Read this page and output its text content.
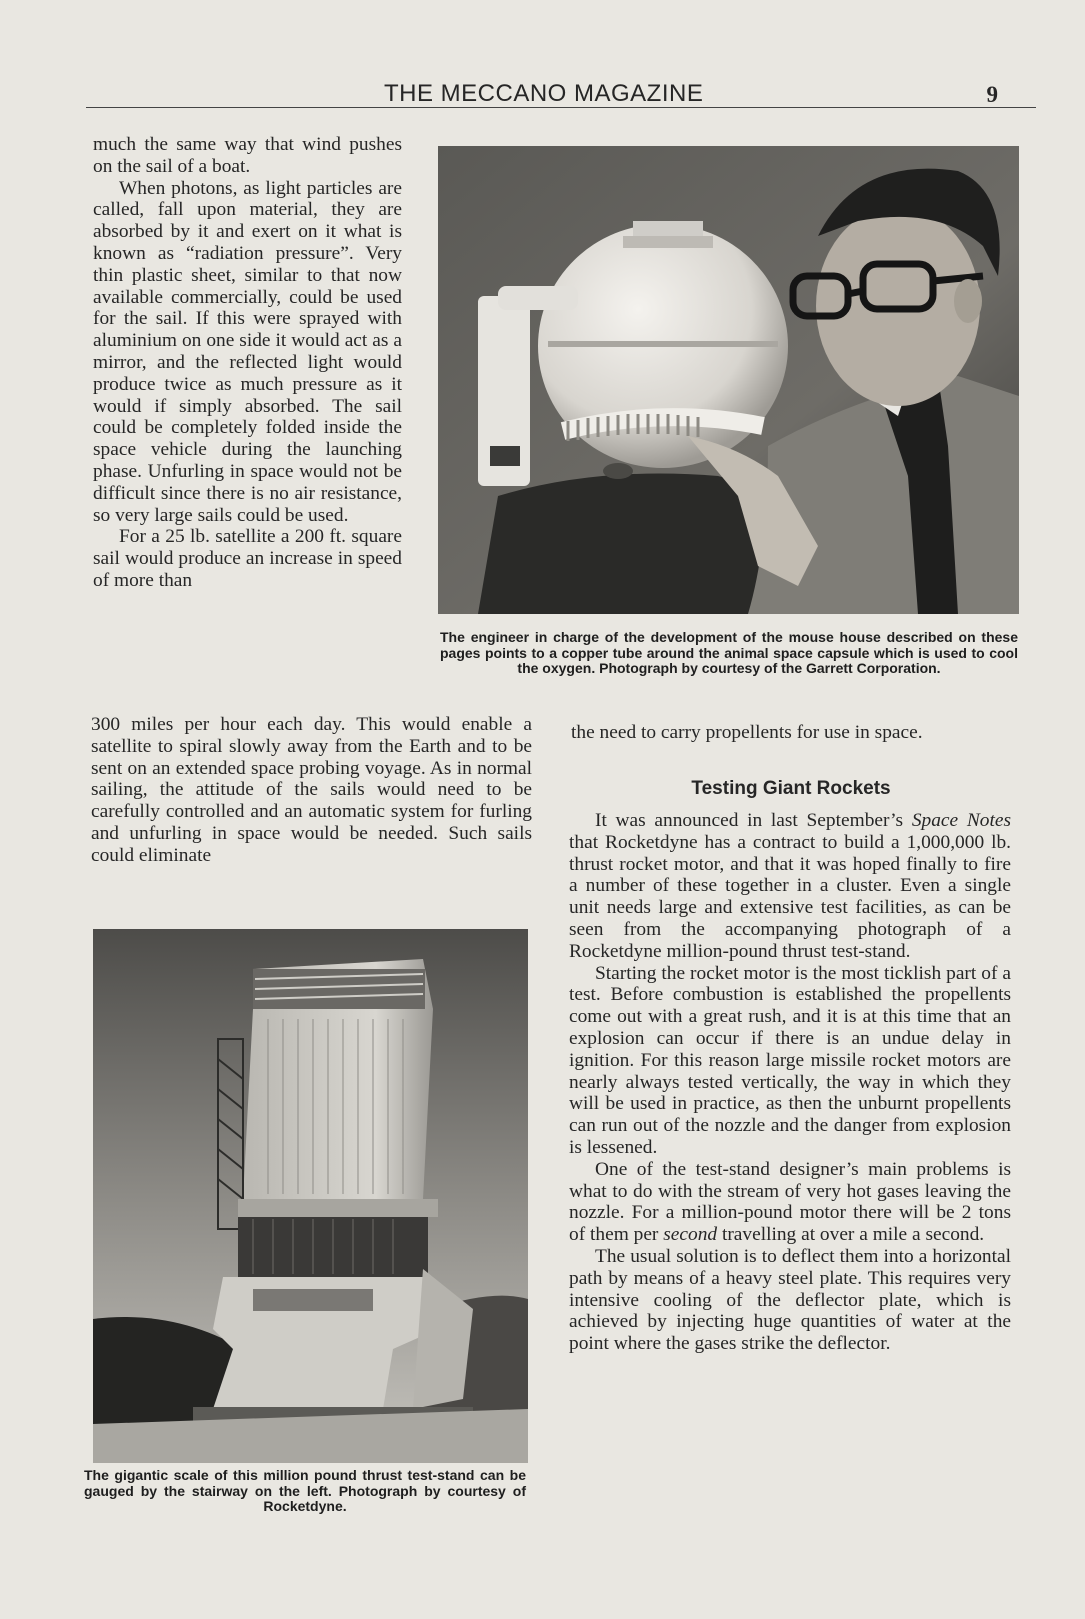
THE MECCANO MAGAZINE	9

much the same way that wind pushes on the sail of a boat.

When photons, as light particles are called, fall upon material, they are absorbed by it and exert on it what is known as “radiation pressure”. Very thin plastic sheet, similar to that now available commercially, could be used for the sail. If this were sprayed with aluminium on one side it would act as a mirror, and the reflected light would produce twice as much pressure as it would if simply absorbed. The sail could be completely folded inside the space vehicle during the launching phase. Unfurling in space would not be difficult since there is no air resistance, so very large sails could be used.

For a 25 lb. satellite a 200 ft. square sail would produce an increase in speed of more than

300 miles per hour each day. This would enable a satellite to spiral slowly away from the Earth and to be sent on an extended space probing voyage. As in normal sailing, the attitude of the sails would need to be carefully controlled and an automatic system for furling and unfurling in space would be needed. Such sails could eliminate

The engineer in charge of the development of the mouse house described on these pages points to a copper tube around the animal space capsule which is used to cool the oxygen. Photograph by courtesy of the Garrett Corporation.

the need to carry propellents for use in space.

Testing Giant Rockets

It was announced in last September’s Space Notes that Rocketdyne has a contract to build a 1,000,000 lb. thrust rocket motor, and that it was hoped finally to fire a number of these together in a cluster. Even a single unit needs large and extensive test facilities, as can be seen from the accompanying photograph of a Rocketdyne million-pound thrust test-stand.

Starting the rocket motor is the most ticklish part of a test. Before combustion is established the propellents come out with a great rush, and it is at this time that an explosion can occur if there is an undue delay in ignition. For this reason large missile rocket motors are nearly always tested vertically, the way in which they will be used in practice, as then the unburnt propellents can run out of the nozzle and the danger from explosion is lessened.

One of the test-stand designer’s main problems is what to do with the stream of very hot gases leaving the nozzle. For a million-pound motor there will be 2 tons of them per second travelling at over a mile a second.

The usual solution is to deflect them into a horizontal path by means of a heavy steel plate. This requires very intensive cooling of the deflector plate, which is achieved by injecting huge quantities of water at the point where the gases strike the deflector.

The gigantic scale of this million pound thrust test-stand can be gauged by the stairway on the left. Photograph by courtesy of Rocketdyne.
